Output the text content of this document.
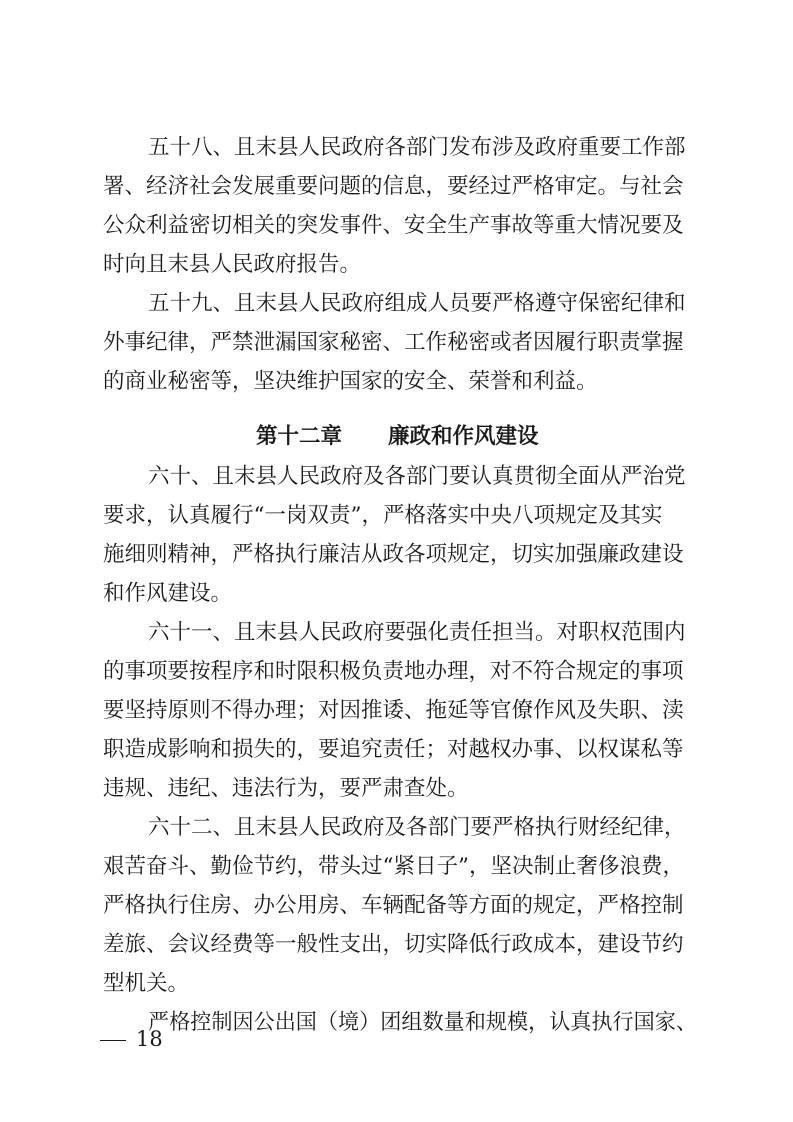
五十八、且末县人民政府各部门发布涉及政府重要工作部
署、经济社会发展重要问题的信息，要经过严格审定。与社会
公众利益密切相关的突发事件、安全生产事故等重大情况要及
时向且末县人民政府报告。
五十九、且末县人民政府组成人员要严格遵守保密纪律和
外事纪律，严禁泄漏国家秘密、工作秘密或者因履行职责掌握
的商业秘密等，坚决维护国家的安全、荣誉和利益。
第十二章 廉政和作风建设
六十、且末县人民政府及各部门要认真贯彻全面从严治党
要求，认真履行“一岗双责”，严格落实中央八项规定及其实
施细则精神，严格执行廉洁从政各项规定，切实加强廉政建设
和作风建设。
六十一、且末县人民政府要强化责任担当。对职权范围内
的事项要按程序和时限积极负责地办理，对不符合规定的事项
要坚持原则不得办理；对因推诿、拖延等官僚作风及失职、渎
职造成影响和损失的，要追究责任；对越权办事、以权谋私等
违规、违纪、违法行为，要严肃查处。
六十二、且末县人民政府及各部门要严格执行财经纪律，
艰苦奋斗、勤俭节约，带头过“紧日子”，坚决制止奢侈浪费，
严格执行住房、办公用房、车辆配备等方面的规定，严格控制
差旅、会议经费等一般性支出，切实降低行政成本，建设节约
型机关。
严格控制因公出国（境）团组数量和规模，认真执行国家、
18
